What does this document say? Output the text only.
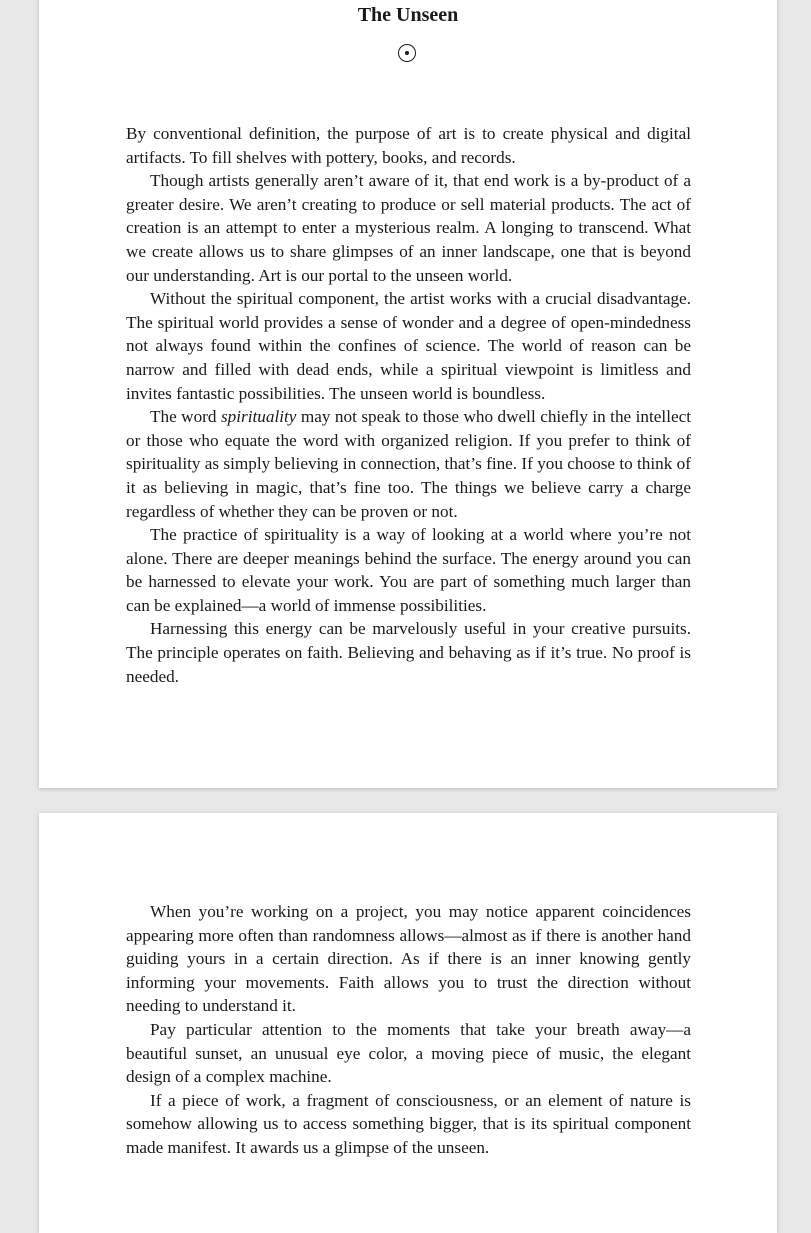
The Unseen

By conventional definition, the purpose of art is to create physical and digital artifacts. To fill shelves with pottery, books, and records.

Though artists generally aren’t aware of it, that end work is a by-product of a greater desire. We aren’t creating to produce or sell material products. The act of creation is an attempt to enter a mysterious realm. A longing to transcend. What we create allows us to share glimpses of an inner landscape, one that is beyond our understanding. Art is our portal to the unseen world.

Without the spiritual component, the artist works with a crucial disadvantage. The spiritual world provides a sense of wonder and a degree of open-mindedness not always found within the confines of science. The world of reason can be narrow and filled with dead ends, while a spiritual viewpoint is limitless and invites fantastic possibilities. The unseen world is boundless.

The word spirituality may not speak to those who dwell chiefly in the intellect or those who equate the word with organized religion. If you prefer to think of spirituality as simply believing in connection, that’s fine. If you choose to think of it as believing in magic, that’s fine too. The things we believe carry a charge regardless of whether they can be proven or not.

The practice of spirituality is a way of looking at a world where you’re not alone. There are deeper meanings behind the surface. The energy around you can be harnessed to elevate your work. You are part of something much larger than can be explained—a world of immense possibilities.

Harnessing this energy can be marvelously useful in your creative pursuits. The principle operates on faith. Believing and behaving as if it’s true. No proof is needed.

When you’re working on a project, you may notice apparent coincidences appearing more often than randomness allows—almost as if there is another hand guiding yours in a certain direction. As if there is an inner knowing gently informing your movements. Faith allows you to trust the direction without needing to understand it.

Pay particular attention to the moments that take your breath away—a beautiful sunset, an unusual eye color, a moving piece of music, the elegant design of a complex machine.

If a piece of work, a fragment of consciousness, or an element of nature is somehow allowing us to access something bigger, that is its spiritual component made manifest. It awards us a glimpse of the unseen.
